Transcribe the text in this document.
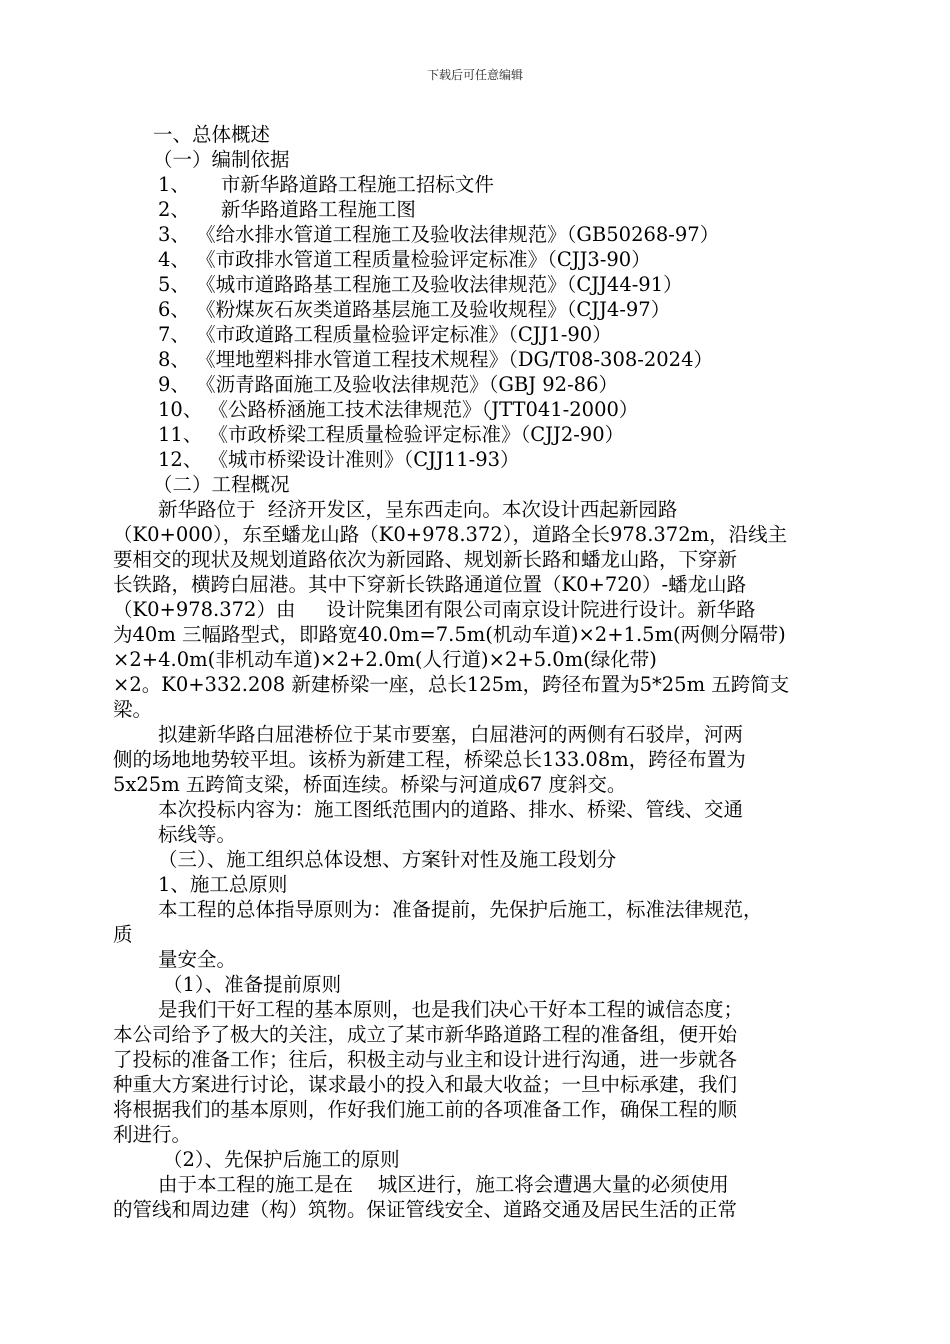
下载后可任意编辑
一、总体概述
（一）编制依据
1、     市新华路道路工程施工招标文件
2、     新华路道路工程施工图
3、 《给水排水管道工程施工及验收法律规范》（GB50268-97）
4、 《市政排水管道工程质量检验评定标准》（CJJ3-90）
5、 《城市道路路基工程施工及验收法律规范》（CJJ44-91）
6、 《粉煤灰石灰类道路基层施工及验收规程》（CJJ4-97）
7、 《市政道路工程质量检验评定标准》（CJJ1-90）
8、 《埋地塑料排水管道工程技术规程》（DG/T08-308-2024）
9、 《沥青路面施工及验收法律规范》（GBJ 92-86）
10、 《公路桥涵施工技术法律规范》（JTT041-2000）
11、 《市政桥梁工程质量检验评定标准》（CJJ2-90）
12、 《城市桥梁设计准则》（CJJ11-93）
（二）工程概况
新华路位于  经济开发区，呈东西走向。本次设计西起新园路
（K0+000），东至蟠龙山路（K0+978.372），道路全长978.372m，沿线主
要相交的现状及规划道路依次为新园路、规划新长路和蟠龙山路，下穿新
长铁路，横跨白屈港。其中下穿新长铁路通道位置（K0+720）-蟠龙山路
（K0+978.372）由     设计院集团有限公司南京设计院进行设计。新华路
为40m 三幅路型式，即路宽40.0m=7.5m(机动车道)×2+1.5m(两侧分隔带)
×2+4.0m(非机动车道)×2+2.0m(人行道)×2+5.0m(绿化带)
×2。K0+332.208 新建桥梁一座，总长125m，跨径布置为5*25m 五跨简支
梁。
拟建新华路白屈港桥位于某市要塞，白屈港河的两侧有石驳岸，河两
侧的场地地势较平坦。该桥为新建工程，桥梁总长133.08m，跨径布置为
5x25m 五跨简支梁，桥面连续。桥梁与河道成67 度斜交。
本次投标内容为：施工图纸范围内的道路、排水、桥梁、管线、交通
标线等。
（三）、施工组织总体设想、方案针对性及施工段划分
1、施工总原则
本工程的总体指导原则为：准备提前，先保护后施工，标准法律规范，
质
量安全。
（1）、准备提前原则
是我们干好工程的基本原则，也是我们决心干好本工程的诚信态度；
本公司给予了极大的关注，成立了某市新华路道路工程的准备组，便开始
了投标的准备工作；往后，积极主动与业主和设计进行沟通，进一步就各
种重大方案进行讨论，谋求最小的投入和最大收益；一旦中标承建，我们
将根据我们的基本原则，作好我们施工前的各项准备工作，确保工程的顺
利进行。
（2）、先保护后施工的原则
由于本工程的施工是在    城区进行，施工将会遭遇大量的必须使用
的管线和周边建（构）筑物。保证管线安全、道路交通及居民生活的正常
